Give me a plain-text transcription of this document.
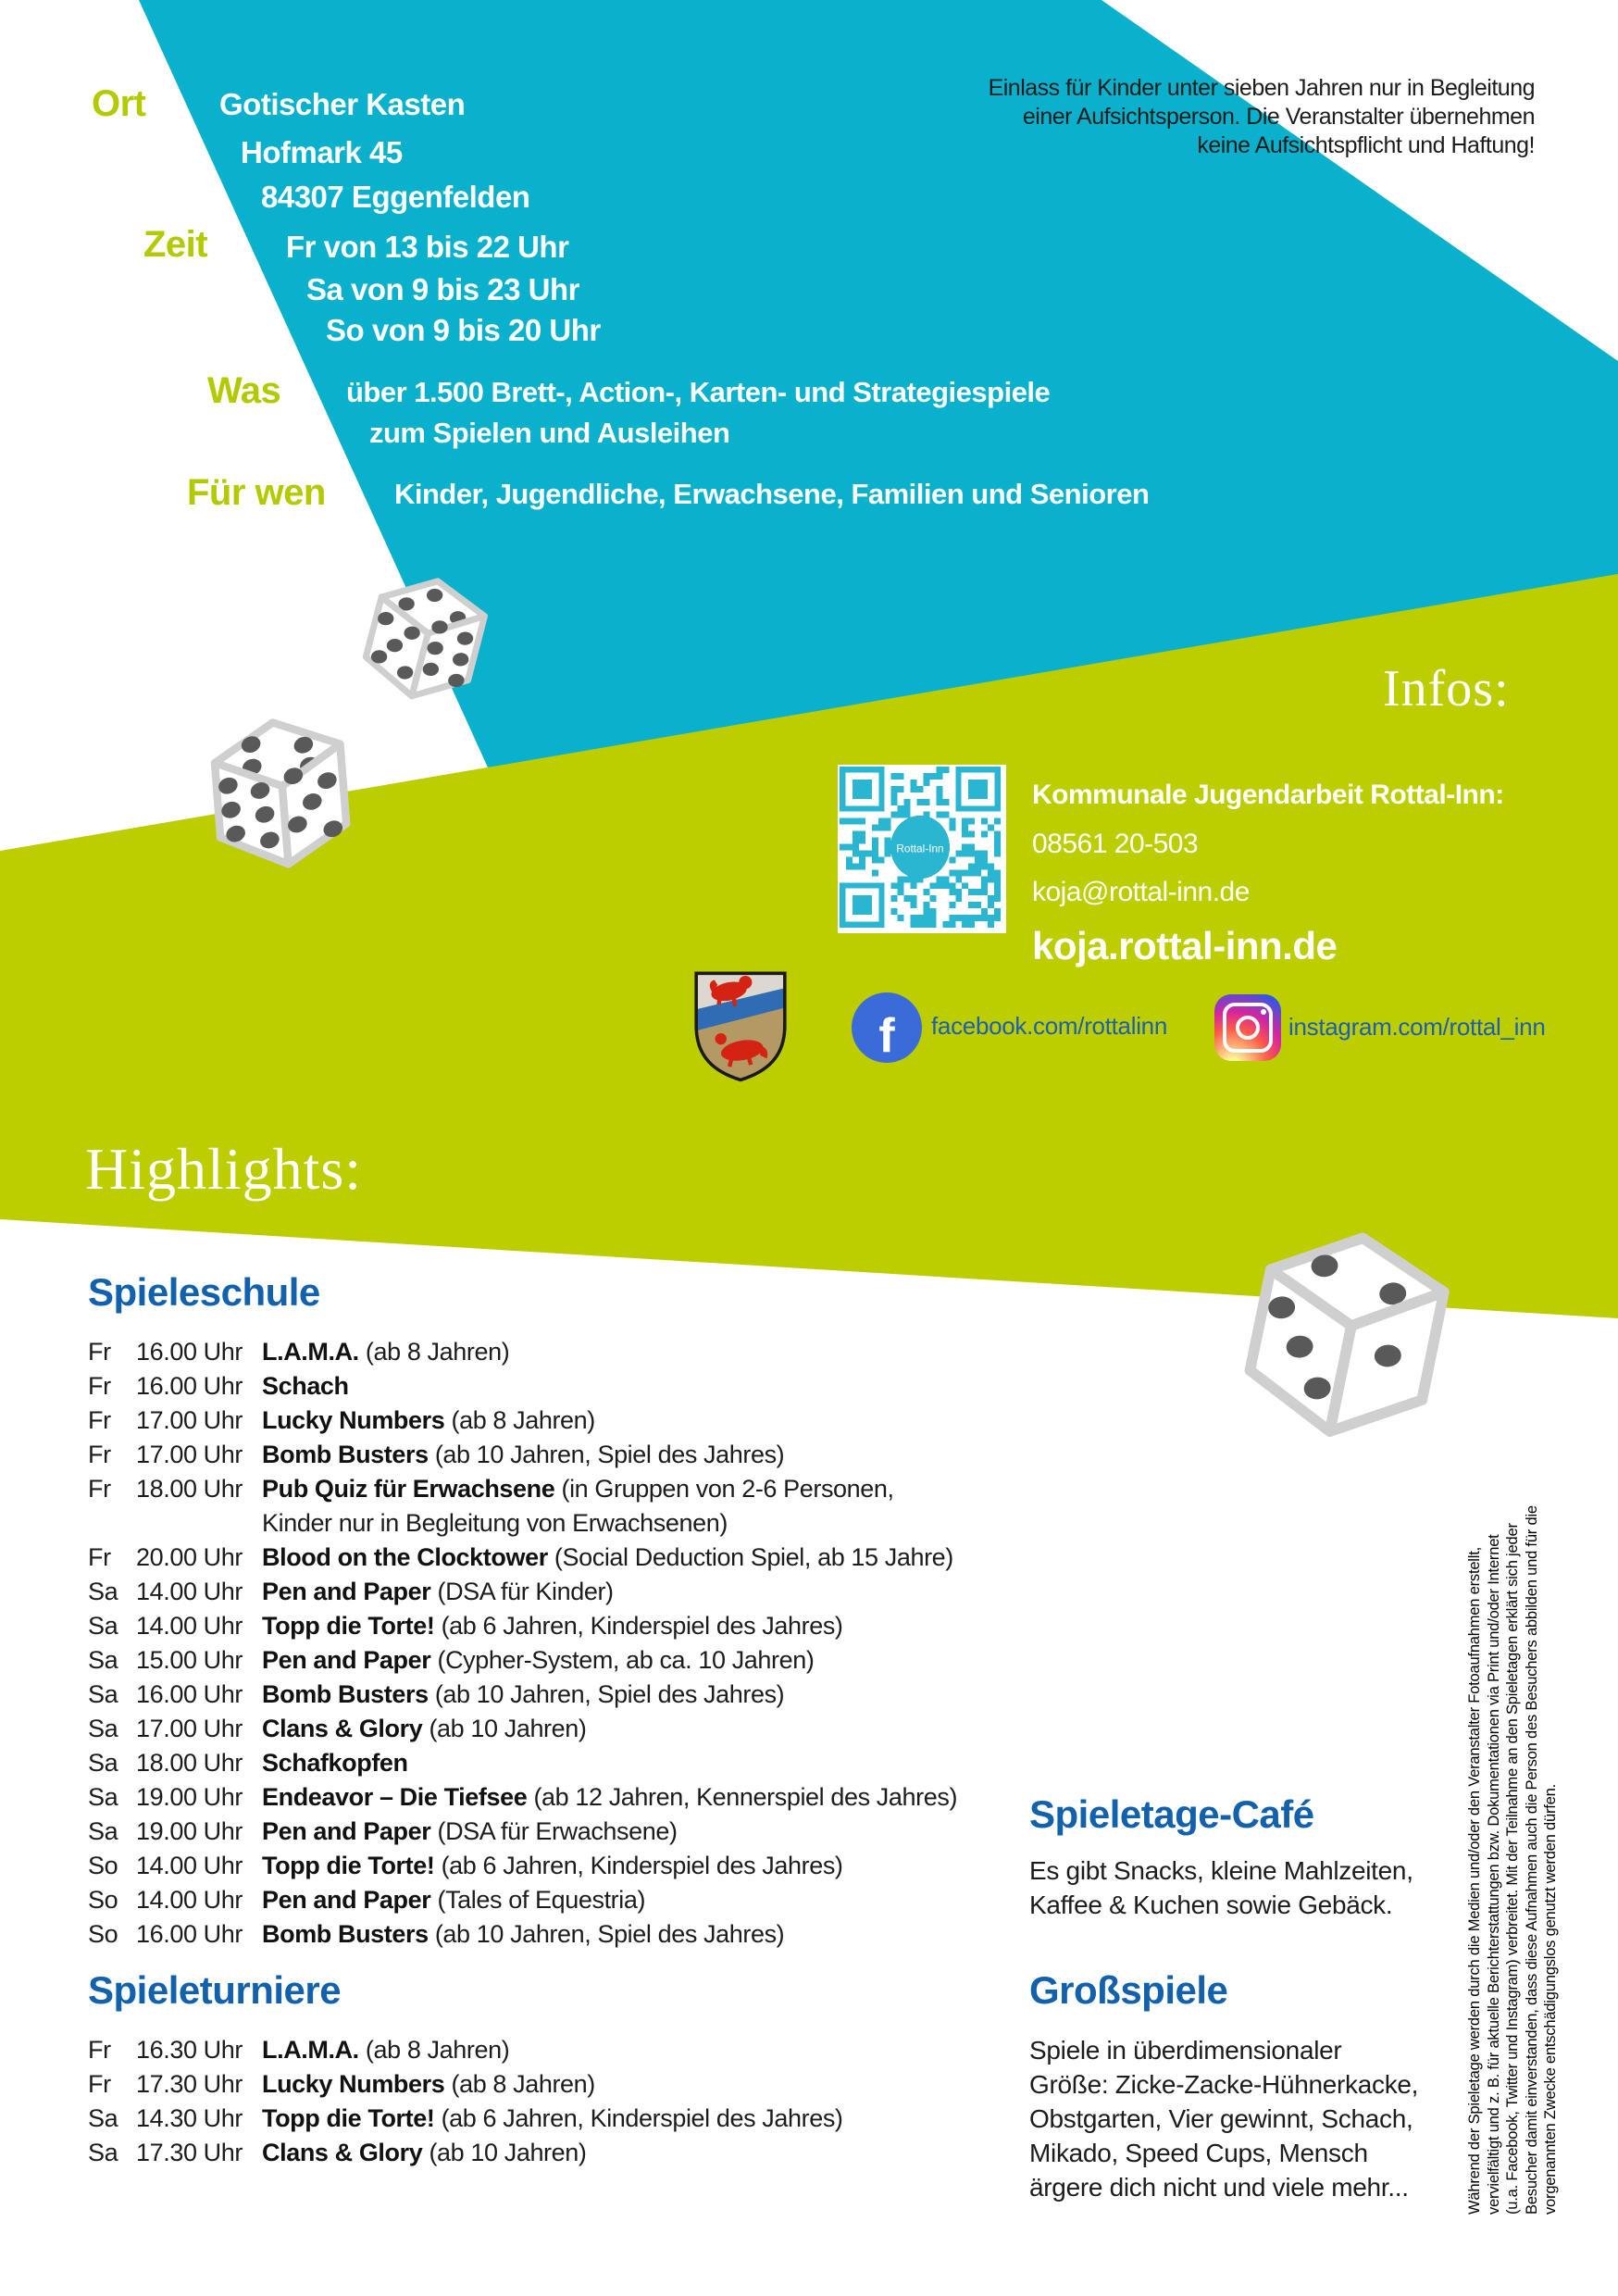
Einlass für Kinder unter sieben Jahren nur in Begleitung
einer Aufsichtsperson. Die Veranstalter übernehmen
keine Aufsichtspflicht und Haftung!
Ort Gotischer Kasten
Hofmark 45
84307 Eggenfelden
Zeit	Fr von 13 bis 22 Uhr
Sa von 9 bis 23 Uhr
So von 9 bis 20 Uhr
Was über 1.500 Brett-, Action-, Karten- und Strategiespiele
zum Spielen und Ausleihen
Für wen Kinder, Jugendliche, Erwachsene, Familien und Senioren
Infos:
Rottal-Inn
Kommunale Jugendarbeit Rottal-Inn:
08561 20-503
koja@rottal-inn.de
koja.rottal-inn.de
f facebook.com/rottalinn	instagram.com/rottal_inn
Highlights:
Spieleschule
Fr	16.00 Uhr L.A.M.A. (ab 8 Jahren)
Fr	16.00 Uhr Schach
Fr	17.00 Uhr Lucky Numbers (ab 8 Jahren)
Fr	17.00 Uhr Bomb Busters (ab 10 Jahren, Spiel des Jahres)
Fr	18.00 Uhr Pub Quiz für Erwachsene (in Gruppen von 2-6 Personen,
Kinder nur in Begleitung von Erwachsenen)
Fr	20.00 Uhr Blood on the Clocktower (Social Deduction Spiel, ab 15 Jahre)
Sa 14.00 Uhr Pen and Paper (DSA für Kinder)
Sa 14.00 Uhr Topp die Torte! (ab 6 Jahren, Kinderspiel des Jahres)
Sa 15.00 Uhr Pen and Paper (Cypher-System, ab ca. 10 Jahren)
Sa 16.00 Uhr Bomb Busters (ab 10 Jahren, Spiel des Jahres)
Sa 17.00 Uhr Clans & Glory (ab 10 Jahren)
Sa 18.00 Uhr Schafkopfen
Sa 19.00 Uhr Endeavor – Die Tiefsee (ab 12 Jahren, Kennerspiel des Jahres)
Sa 19.00 Uhr Pen and Paper (DSA für Erwachsene)
So 14.00 Uhr Topp die Torte! (ab 6 Jahren, Kinderspiel des Jahres)
So 14.00 Uhr Pen and Paper (Tales of Equestria)
So 16.00 Uhr Bomb Busters (ab 10 Jahren, Spiel des Jahres)
Spieleturniere
Fr	16.30 Uhr L.A.M.A. (ab 8 Jahren)
Fr	17.30 Uhr Lucky Numbers (ab 8 Jahren)
Sa 14.30 Uhr Topp die Torte! (ab 6 Jahren, Kinderspiel des Jahres)
Sa 17.30 Uhr Clans & Glory (ab 10 Jahren)
Spieletage-Café
Es gibt Snacks, kleine Mahlzeiten,
Kaffee & Kuchen sowie Gebäck.
Großspiele
Spiele in überdimensionaler
Größe: Zicke-Zacke-Hühnerkacke,
Obstgarten, Vier gewinnt, Schach,
Mikado, Speed Cups, Mensch
ärgere dich nicht und viele mehr...	Während der Spieletage werden durch die Medien und/oder den Veranstalter Fotoaufnahmen erstellt, vervielfältigt und z. B. für aktuelle Berichterstattungen bzw. Dokumentationen via Print und/oder Internet (u.a. Facebook, Twitter und Instagram) verbreitet. Mit der Teilnahme an den Spieletagen erklärt sich jeder Besucher damit einverstanden, dass diese Aufnahmen auch die Person des Besuchers abbilden und für die vorgenannten Zwecke entschädigungslos genutzt werden dürfen.
